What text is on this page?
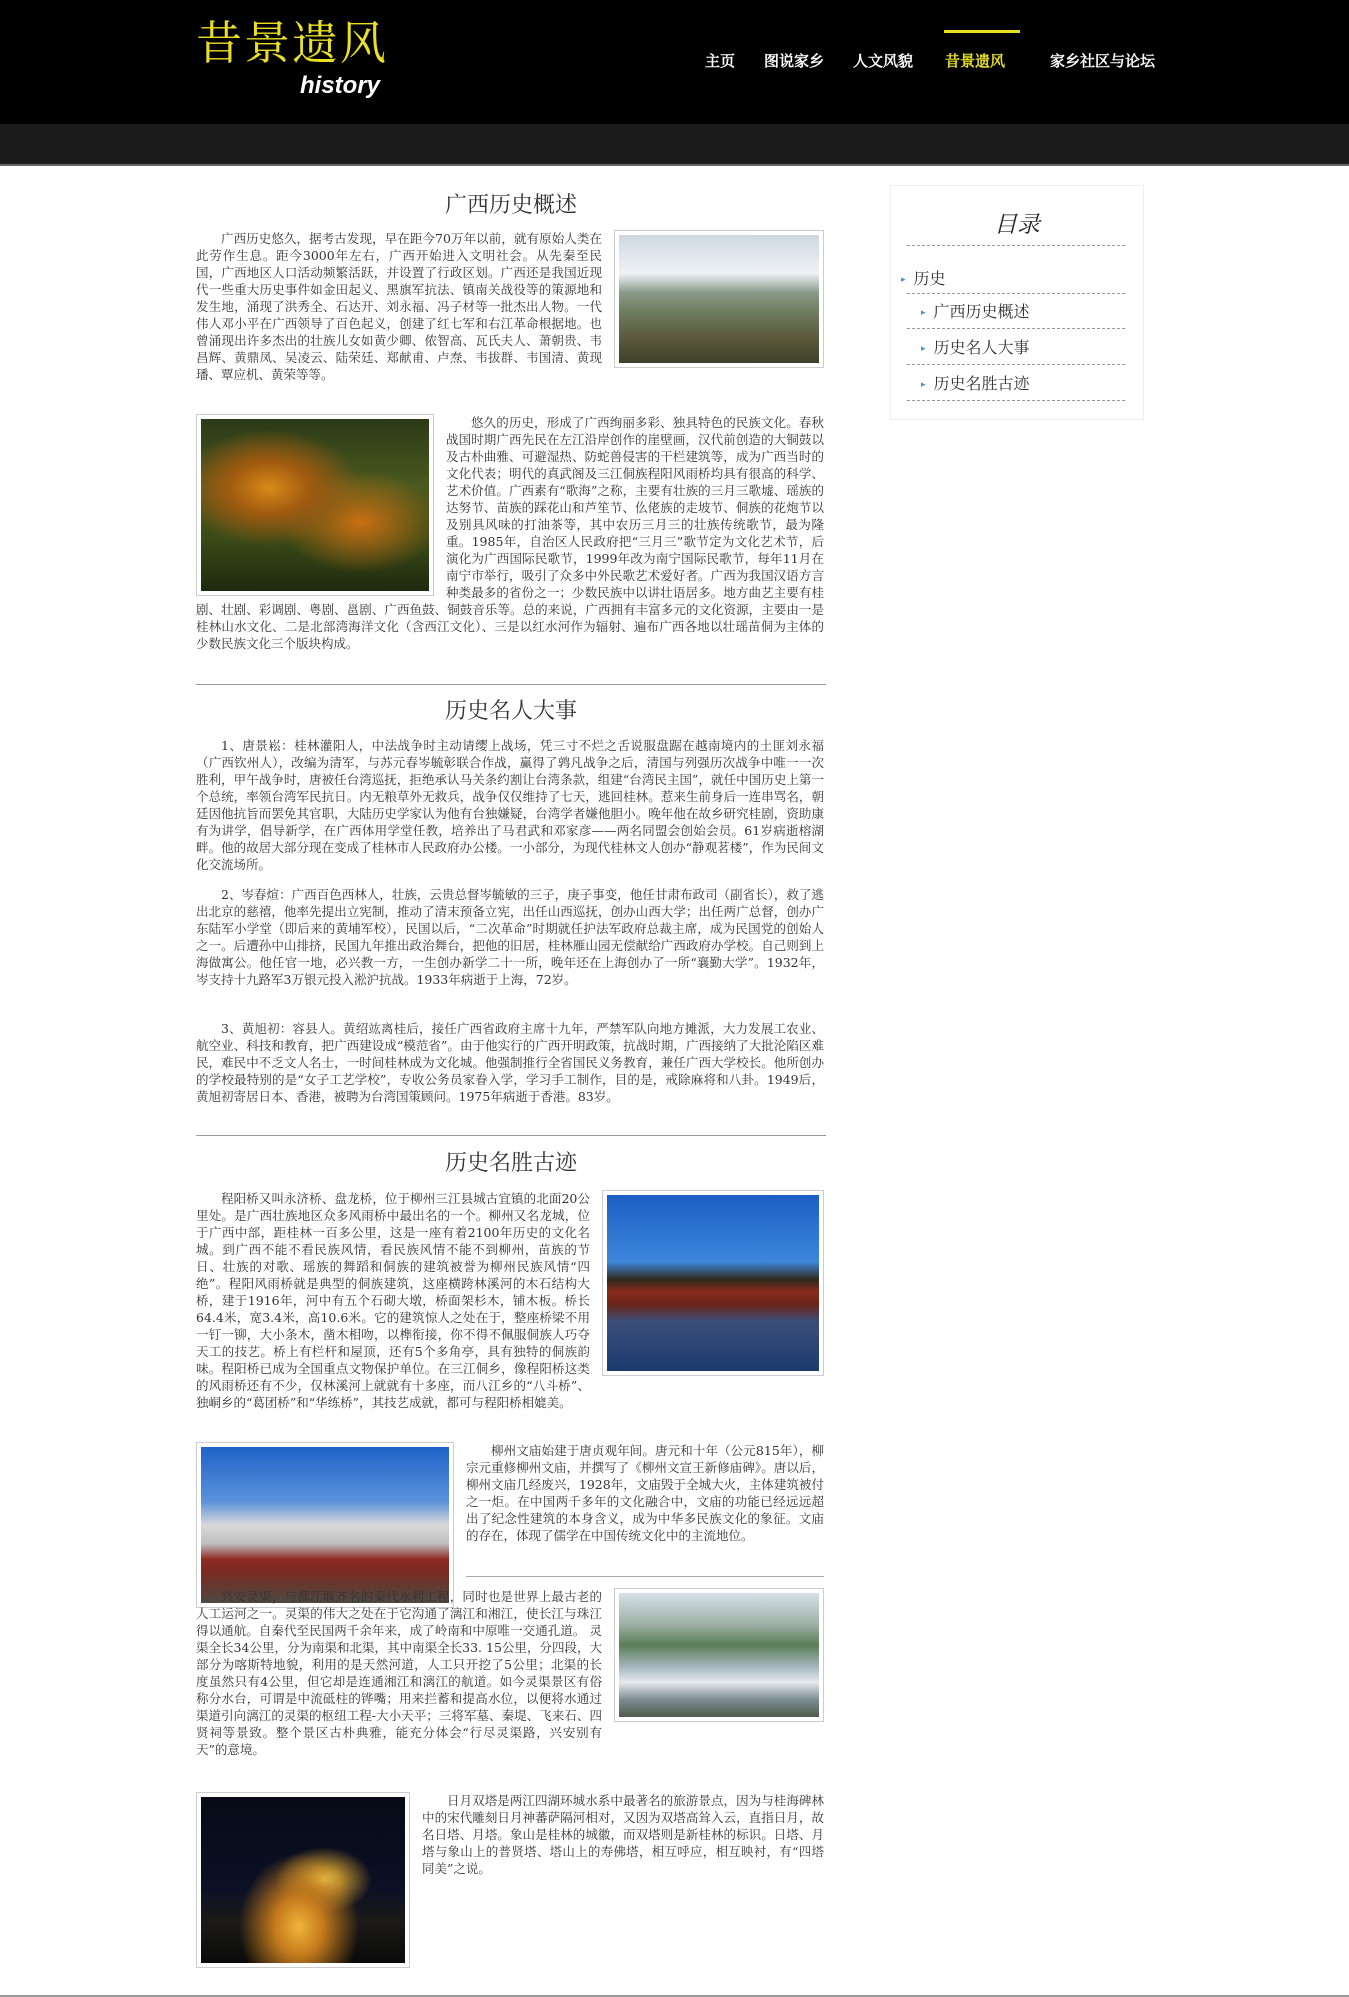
昔景遗风
history
主页 图说家乡 人文风貌 昔景遗风	家乡社区与论坛
广西历史概述
广西历史悠久，据考古发现，早在距今70万年以前，就有原始人类在此劳作生息。距今3000年左右，广西开始进入文明社会。从先秦至民国，广西地区人口活动频繁活跃，并设置了行政区划。广西还是我国近现代一些重大历史事件如金田起义、黑旗军抗法、镇南关战役等的策源地和发生地，涌现了洪秀全、石达开、刘永福、冯子材等一批杰出人物。一代伟人邓小平在广西领导了百色起义，创建了红七军和右江革命根据地。也曾涌现出许多杰出的壮族儿女如黄少卿、侬智高、瓦氏夫人、萧朝贵、韦昌辉、黄鼎凤、吴凌云、陆荣廷、郑献甫、卢焘、韦拔群、韦国清、黄现璠、覃应机、黄荣等等。
悠久的历史，形成了广西绚丽多彩、独具特色的民族文化。春秋战国时期广西先民在左江沿岸创作的崖壁画，汉代前创造的大铜鼓以及古朴曲雅、可避湿热、防蛇兽侵害的干栏建筑等，成为广西当时的文化代表；明代的真武阁及三江侗族程阳风雨桥均具有很高的科学、艺术价值。广西素有“歌海”之称，主要有壮族的三月三歌墟、瑶族的达努节、苗族的踩花山和芦笙节、仫佬族的走坡节、侗族的花炮节以及别具风味的打油茶等，其中农历三月三的壮族传统歌节，最为隆重。1985年，自治区人民政府把“三月三”歌节定为文化艺术节，后演化为广西国际民歌节，1999年改为南宁国际民歌节，每年11月在南宁市举行，吸引了众多中外民歌艺术爱好者。广西为我国汉语方言种类最多的省份之一；少数民族中以讲壮语居多。地方曲艺主要有桂剧、壮剧、彩调剧、粤剧、邕剧、广西鱼鼓、铜鼓音乐等。总的来说，广西拥有丰富多元的文化资源，主要由一是桂林山水文化、二是北部湾海洋文化（含西江文化）、三是以红水河作为辐射、遍布广西各地以壮瑶苗侗为主体的少数民族文化三个版块构成。
历史名人大事
1、唐景崧：桂林灌阳人，中法战争时主动请缨上战场，凭三寸不烂之舌说服盘踞在越南境内的土匪刘永福（广西钦州人），改编为清军，与苏元春岑毓彰联合作战，赢得了鹑凡战争之后，清国与列强历次战争中唯一一次胜利，甲午战争时，唐被任台湾巡抚，拒绝承认马关条约割让台湾条款，组建“台湾民主国”，就任中国历史上第一个总统，率领台湾军民抗日。内无粮草外无救兵，战争仅仅维持了七天，逃回桂林。惹来生前身后一连串骂名，朝廷因他抗旨而罢免其官职，大陆历史学家认为他有台独嫌疑，台湾学者嫌他胆小。晚年他在故乡研究桂剧，资助康有为讲学，倡导新学，在广西体用学堂任教，培养出了马君武和邓家彦——两名同盟会创始会员。61岁病逝榕湖畔。他的故居大部分现在变成了桂林市人民政府办公楼。一小部分，为现代桂林文人创办“静观茗楼”，作为民间文化交流场所。
2、岑春煊：广西百色西林人，壮族，云贵总督岑毓敏的三子，庚子事变，他任甘肃布政司（副省长），救了逃出北京的慈禧，他率先提出立宪制，推动了清末预备立宪，出任山西巡抚，创办山西大学；出任两广总督，创办广东陆军小学堂（即后来的黄埔军校），民国以后，“二次革命”时期就任护法军政府总裁主席，成为民国党的创始人之一。后遭孙中山排挤，民国九年推出政治舞台，把他的旧居，桂林雁山园无偿献给广西政府办学校。自己则到上海做寓公。他任官一地，必兴教一方，一生创办新学二十一所，晚年还在上海创办了一所“襄勤大学”。1932年，岑支持十九路军3万银元投入淞沪抗战。1933年病逝于上海，72岁。
3、黄旭初：容县人。黄绍竑离桂后，接任广西省政府主席十九年，严禁军队向地方摊派，大力发展工农业、航空业、科技和教育，把广西建设成“模范省”。由于他实行的广西开明政策，抗战时期，广西接纳了大批沦陷区难民，难民中不乏文人名士，一时间桂林成为文化城。他强制推行全省国民义务教育，兼任广西大学校长。他所创办的学校最特别的是“女子工艺学校”，专收公务员家眷入学，学习手工制作，目的是，戒除麻将和八卦。1949后，黄旭初寄居日本、香港，被聘为台湾国策顾问。1975年病逝于香港。83岁。
历史名胜古迹
程阳桥又叫永济桥、盘龙桥，位于柳州三江县城古宜镇的北面20公里处。是广西壮族地区众多风雨桥中最出名的一个。柳州又名龙城，位于广西中部，距桂林一百多公里，这是一座有着2100年历史的文化名城。到广西不能不看民族风情，看民族风情不能不到柳州，苗族的节日、壮族的对歌、瑶族的舞蹈和侗族的建筑被誉为柳州民族风情“四绝”。程阳风雨桥就是典型的侗族建筑，这座横跨林溪河的木石结构大桥，建于1916年，河中有五个石砌大墩，桥面架杉木，铺木板。桥长64.4米，宽3.4米，高10.6米。它的建筑惊人之处在于，整座桥梁不用一钉一铆，大小条木，凿木相吻，以榫衔接，你不得不佩服侗族人巧夺天工的技艺。桥上有栏杆和屋顶，还有5个多角亭，具有独特的侗族韵味。程阳桥已成为全国重点文物保护单位。在三江侗乡，像程阳桥这类的风雨桥还有不少，仅林溪河上就就有十多座，而八江乡的“八斗桥”、独峒乡的“葛团桥”和“华练桥”，其技艺成就，都可与程阳桥相媲美。
柳州文庙始建于唐贞观年间。唐元和十年（公元815年），柳宗元重修柳州文庙，并撰写了《柳州文宣王新修庙碑》。唐以后，柳州文庙几经废兴，1928年，文庙毁于全城大火，主体建筑被付之一炬。在中国两千多年的文化融合中，文庙的功能已经远远超出了纪念性建筑的本身含义，成为中华多民族文化的象征。文庙的存在，体现了儒学在中国传统文化中的主流地位。
兴安灵渠，与都江堰齐名的秦代水利工程，同时也是世界上最古老的人工运河之一。灵渠的伟大之处在于它沟通了漓江和湘江，使长江与珠江得以通航。自秦代至民国两千余年来，成了岭南和中原唯一交通孔道。 灵渠全长34公里，分为南渠和北渠，其中南渠全长33. 15公里，分四段，大部分为喀斯特地貌，利用的是天然河道，人工只开挖了5公里；北渠的长度虽然只有4公里，但它却是连通湘江和漓江的航道。如今灵渠景区有俗称分水台，可谓是中流砥柱的铧嘴；用来拦蓄和提高水位，以便将水通过渠道引向漓江的灵渠的枢纽工程-大小天平；三将军墓、秦堤、飞来石、四贤祠等景致。整个景区古朴典雅，能充分体会“行尽灵渠路，兴安别有天”的意境。
日月双塔是两江四湖环城水系中最著名的旅游景点，因为与桂海碑林中的宋代雕刻日月神蕃萨隔河相对，又因为双塔高耸入云，直指日月，故名日塔、月塔。象山是桂林的城徽，而双塔则是新桂林的标识。日塔、月塔与象山上的普贤塔、塔山上的寿佛塔，相互呼应，相互映衬，有“四塔同美”之说。
目录
▸ 历史
▸ 广西历史概述
▸ 历史名人大事
▸ 历史名胜古迹
